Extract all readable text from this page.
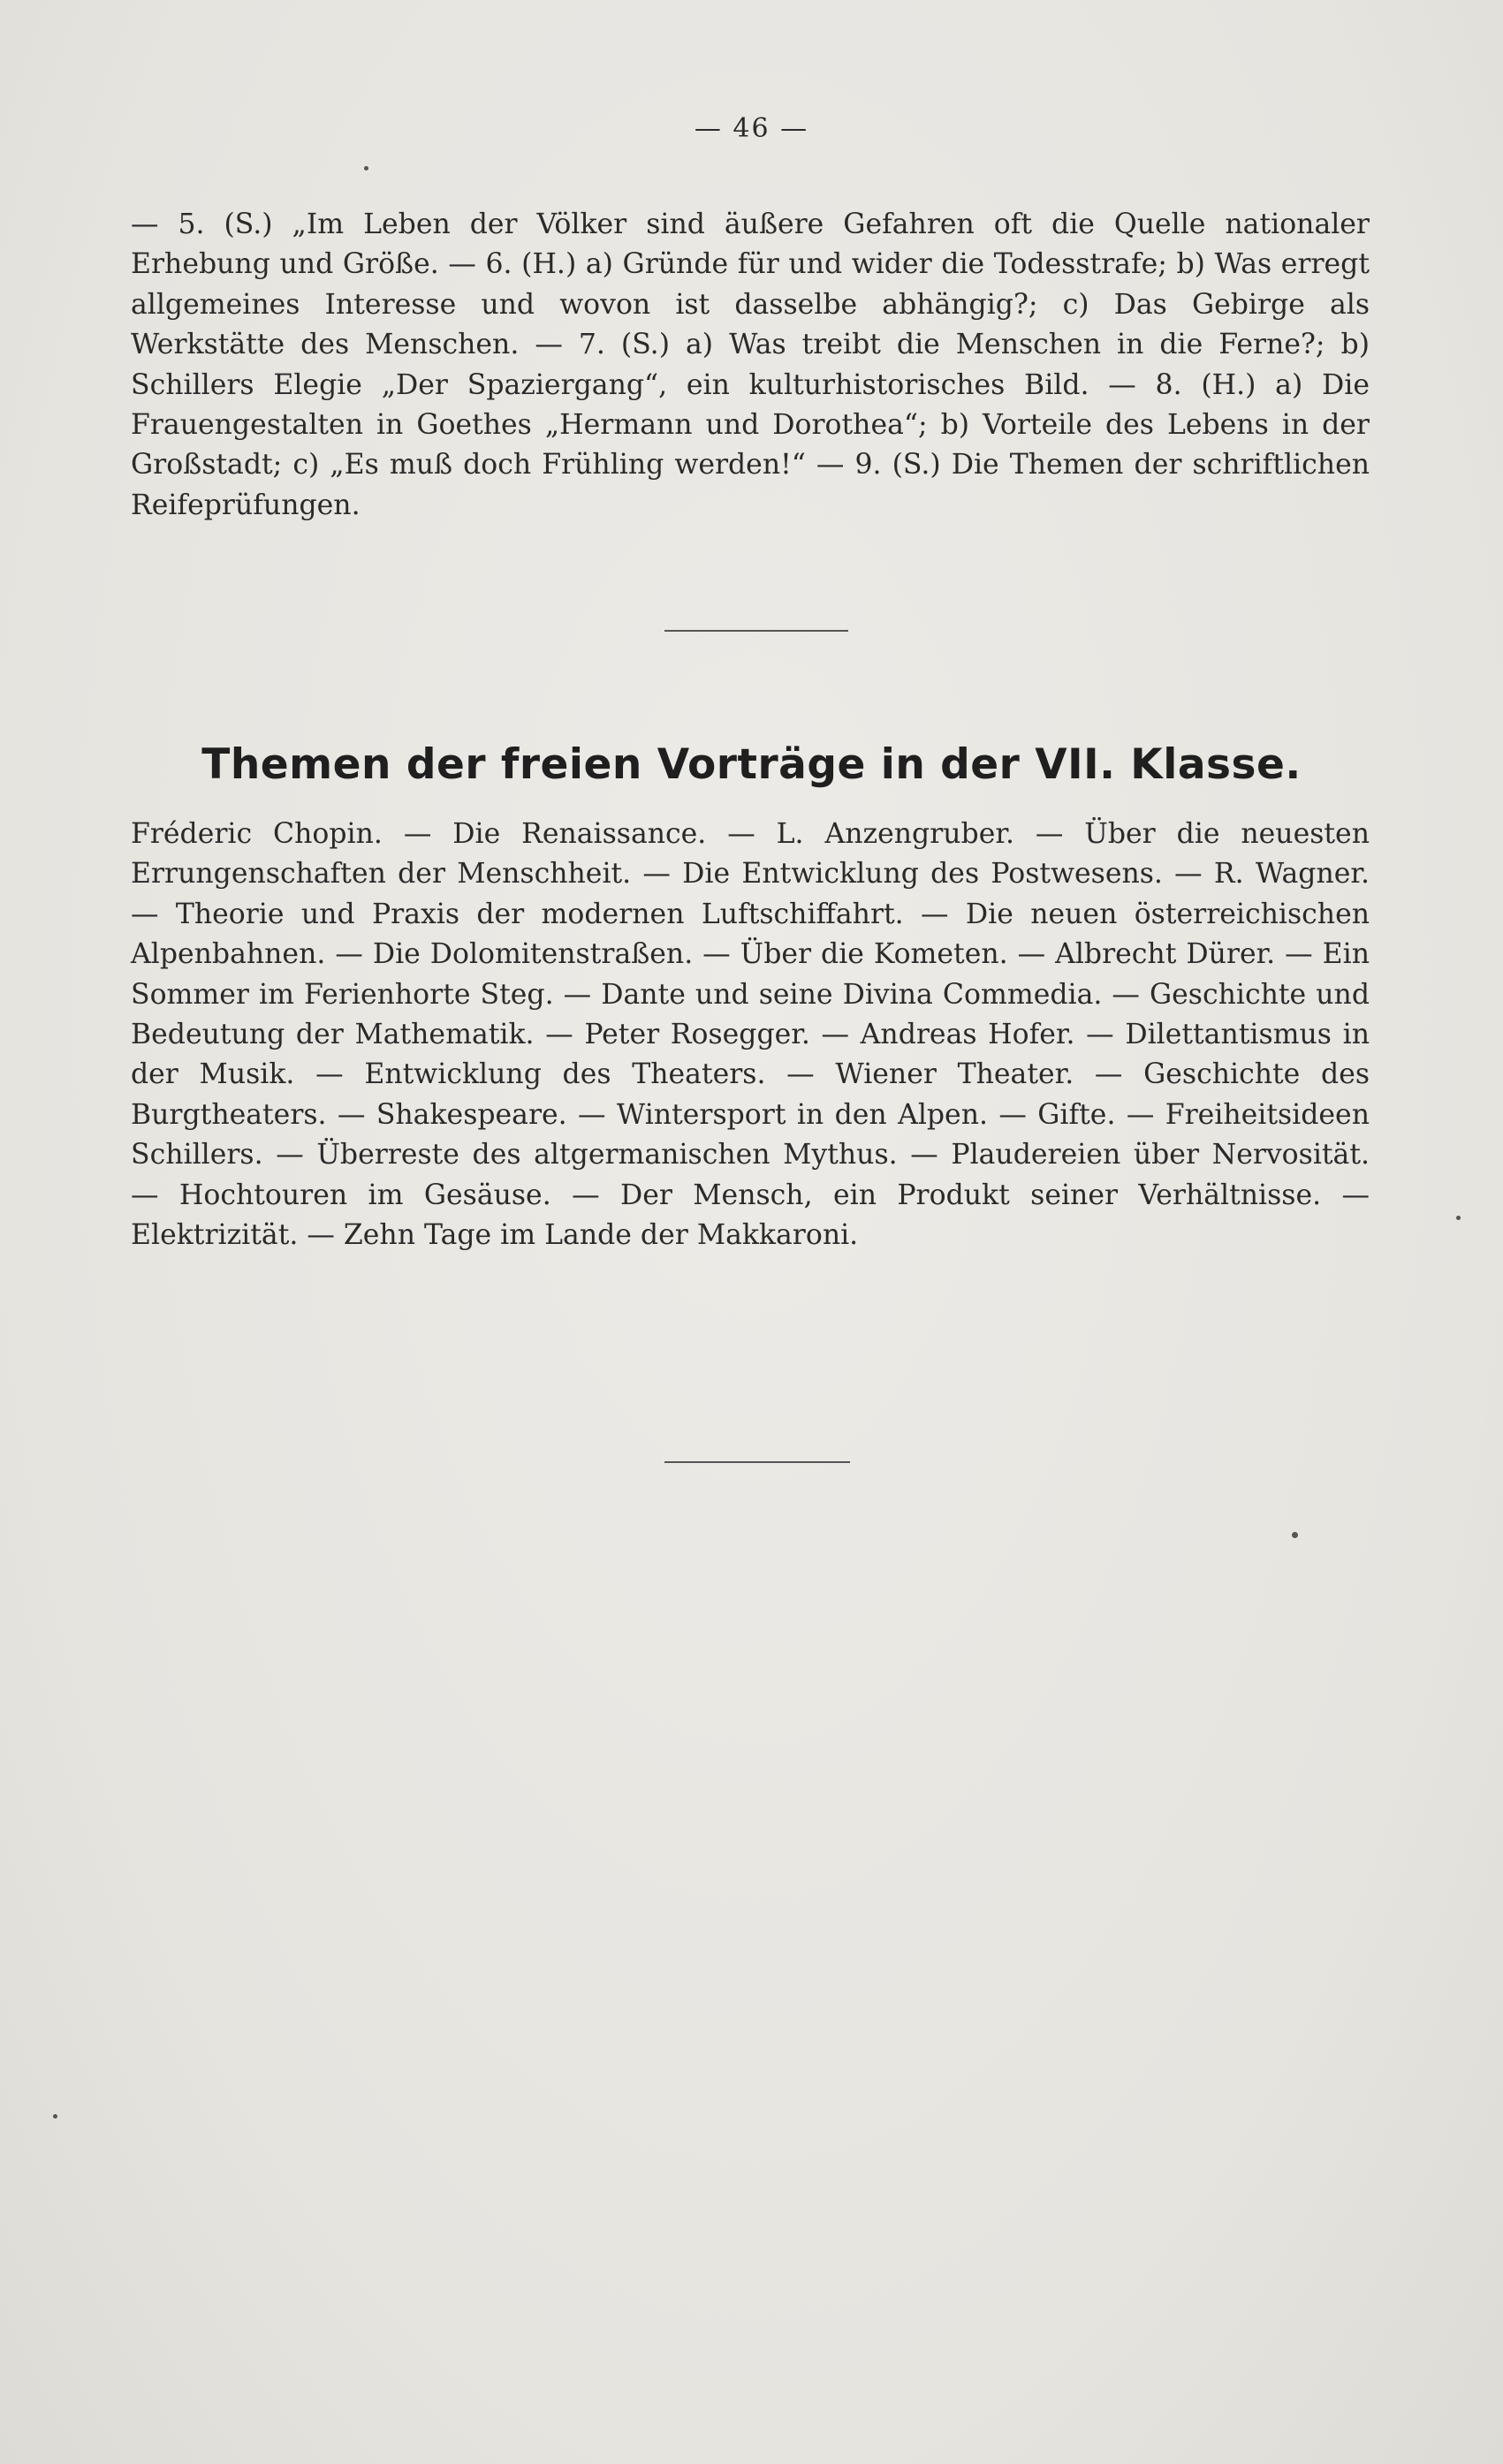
— 46 —

— 5. (S.) „Im Leben der Völker sind äußere Gefahren oft die Quelle nationaler Erhebung und Größe. — 6. (H.) a) Gründe für und wider die Todesstrafe; b) Was erregt allgemeines Interesse und wovon ist dasselbe abhängig?; c) Das Gebirge als Werkstätte des Menschen. — 7. (S.) a) Was treibt die Menschen in die Ferne?; b) Schillers Elegie „Der Spaziergang“, ein kulturhistorisches Bild. — 8. (H.) a) Die Frauengestalten in Goethes „Hermann und Dorothea“; b) Vorteile des Lebens in der Großstadt; c) „Es muß doch Frühling werden!“ — 9. (S.) Die Themen der schriftlichen Reifeprüfungen.

Themen der freien Vorträge in der VII. Klasse.

Fréderic Chopin. — Die Renaissance. — L. Anzengruber. — Über die neuesten Errungenschaften der Menschheit. — Die Entwicklung des Postwesens. — R. Wagner. — Theorie und Praxis der modernen Luftschiffahrt. — Die neuen österreichischen Alpenbahnen. — Die Dolomitenstraßen. — Über die Kometen. — Albrecht Dürer. — Ein Sommer im Ferienhorte Steg. — Dante und seine Divina Commedia. — Geschichte und Bedeutung der Mathematik. — Peter Rosegger. — Andreas Hofer. — Dilettantismus in der Musik. — Entwicklung des Theaters. — Wiener Theater. — Geschichte des Burgtheaters. — Shakespeare. — Wintersport in den Alpen. — Gifte. — Freiheitsideen Schillers. — Überreste des altgermanischen Mythus. — Plaudereien über Nervosität. — Hochtouren im Gesäuse. — Der Mensch, ein Produkt seiner Verhältnisse. — Elektrizität. — Zehn Tage im Lande der Makkaroni.
